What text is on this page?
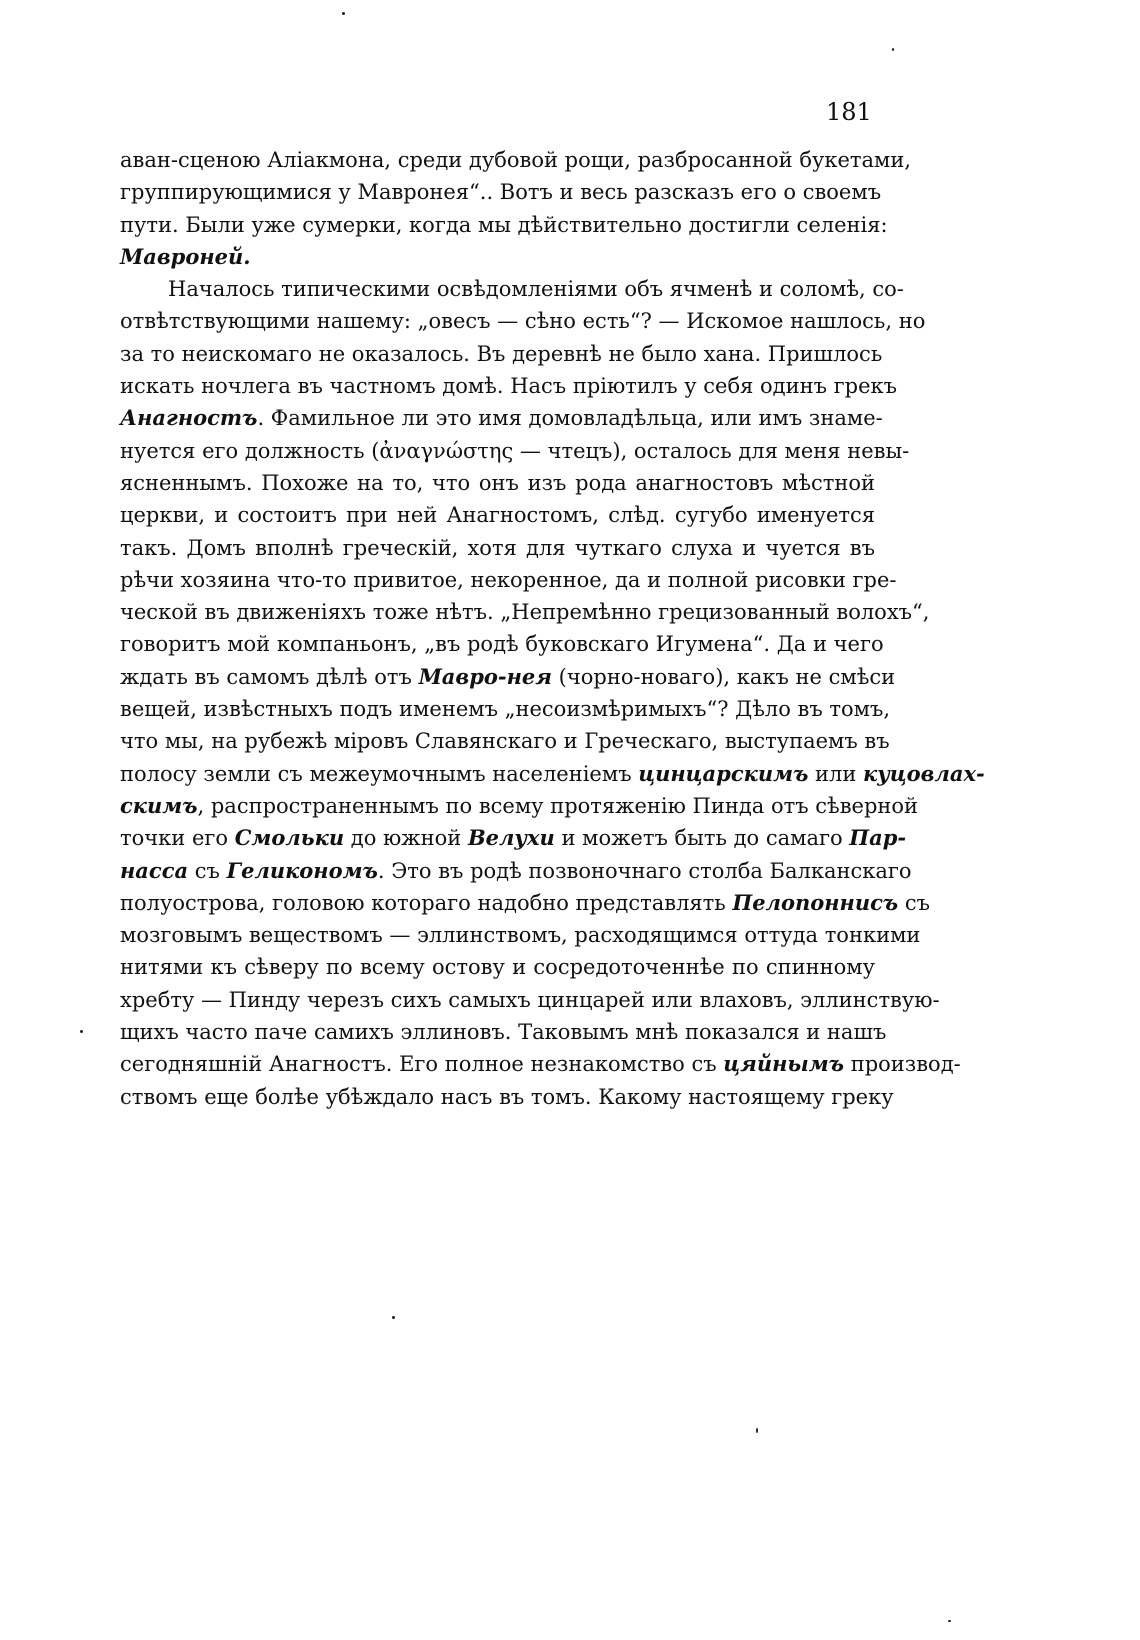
181
аван-сценою Аліакмона, среди дубовой рощи, разбросанной букетами,
группирующимися у Мавронея“.. Вотъ и весь разсказъ его о своемъ
пути. Были уже сумерки, когда мы дѣйствительно достигли селенія:
Мавроней.
Началось типическими освѣдомленіями объ ячменѣ и соломѣ, со-
отвѣтствующими нашему: „овесъ — сѣно есть“? — Искомое нашлось, но
за то неискомаго не оказалось. Въ деревнѣ не было хана. Пришлось
искать ночлега въ частномъ домѣ. Насъ пріютилъ у себя одинъ грекъ
Анагностъ. Фамильное ли это имя домовладѣльца, или имъ знаме-
нуется его должность (ἀναγνώστης — чтецъ), осталось для меня невы-
ясненнымъ. Похоже на то, что онъ изъ рода анагностовъ мѣстной
церкви, и состоитъ при ней Анагностомъ, слѣд. сугубо именуется
такъ. Домъ вполнѣ греческій, хотя для чуткаго слуха и чуется въ
рѣчи хозяина что-то привитое, некоренное, да и полной рисовки гре-
ческой въ движеніяхъ тоже нѣтъ. „Непремѣнно грецизованный волохъ“,
говоритъ мой компаньонъ, „въ родѣ буковскаго Игумена“. Да и чего
ждать въ самомъ дѣлѣ отъ Мавро-нея (чорно-новаго), какъ не смѣси
вещей, извѣстныхъ подъ именемъ „несоизмѣримыхъ“? Дѣло въ томъ,
что мы, на рубежѣ міровъ Славянскаго и Греческаго, выступаемъ въ
полосу земли съ межеумочнымъ населеніемъ цинцарскимъ или куцовлах-
скимъ, распространеннымъ по всему протяженію Пинда отъ сѣверной
точки его Смольки до южной Велухи и можетъ быть до самаго Пар-
насса съ Геликономъ. Это въ родѣ позвоночнаго столба Балканскаго
полуострова, головою котораго надобно представлять Пелопоннисъ съ
мозговымъ веществомъ — эллинствомъ, расходящимся оттуда тонкими
нитями къ сѣверу по всему остову и сосредоточеннѣе по спинному
хребту — Пинду черезъ сихъ самыхъ цинцарей или влаховъ, эллинствую-
щихъ часто паче самихъ эллиновъ. Таковымъ мнѣ показался и нашъ
сегодняшній Анагностъ. Его полное незнакомство съ цяйнымъ производ-
ствомъ еще болѣе убѣждало насъ въ томъ. Какому настоящему греку
